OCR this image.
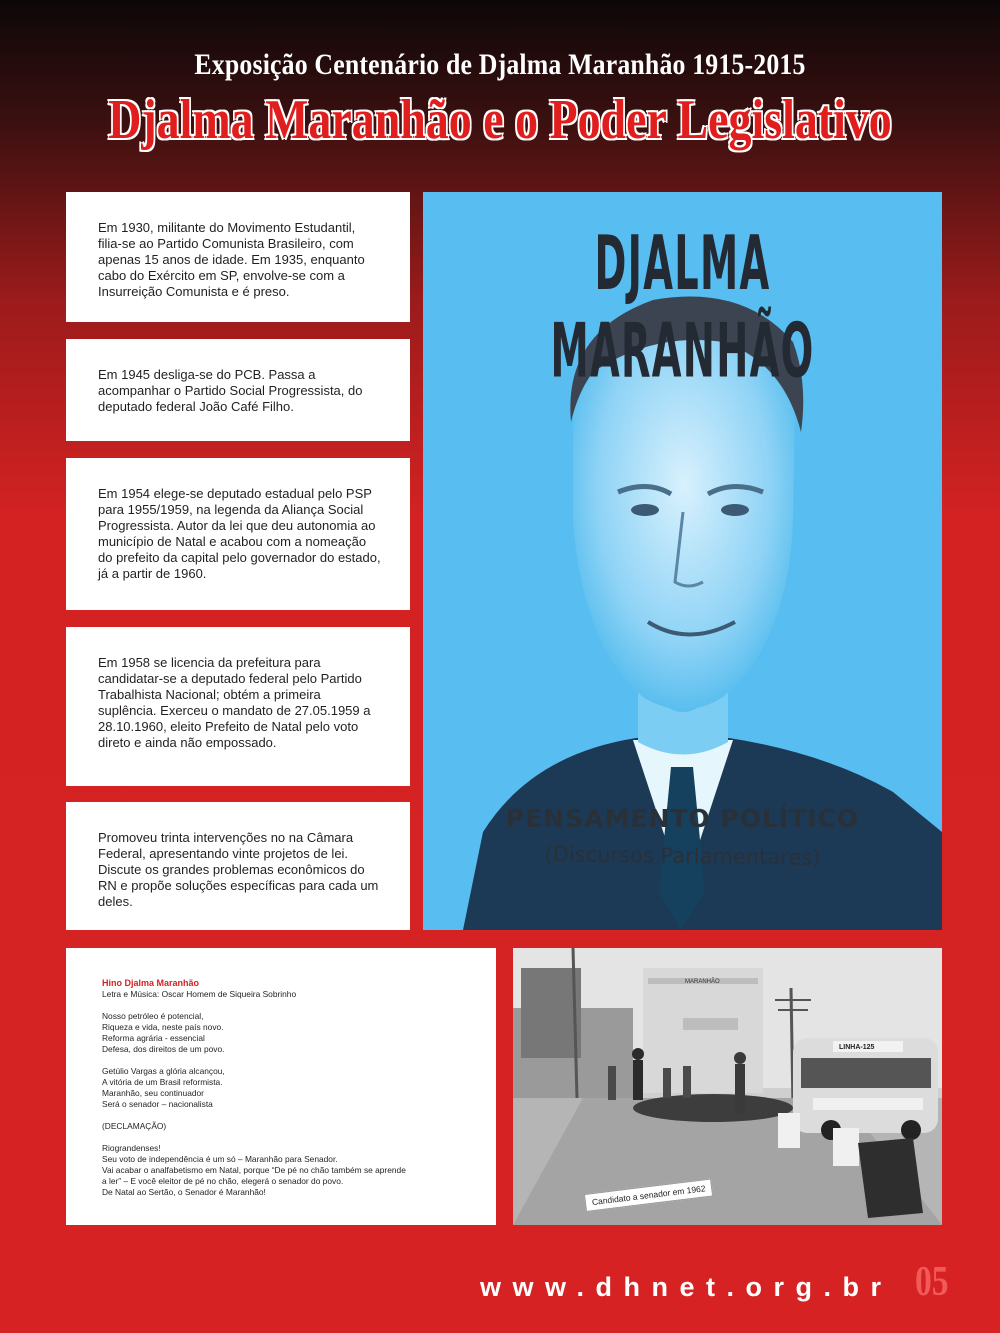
Exposição Centenário de Djalma Maranhão 1915-2015
Djalma Maranhão e o Poder Legislativo
Em 1930, militante do Movimento Estudantil, filia-se ao Partido Comunista Brasileiro, com apenas 15 anos de idade. Em 1935, enquanto cabo do Exército em SP, envolve-se com a Insurreição Comunista e é preso.
Em 1945 desliga-se do PCB. Passa a acompanhar o Partido Social Progressista, do deputado federal João Café Filho.
Em 1954 elege-se deputado estadual pelo PSP para 1955/1959, na legenda da Aliança Social Progressista. Autor da lei que deu autonomia ao município de Natal e acabou com a nomeação do prefeito da capital pelo governador do estado, já a partir de 1960.
Em 1958 se licencia da prefeitura para candidatar-se a deputado federal pelo Partido Trabalhista Nacional; obtém a primeira suplência. Exerceu o mandato de 27.05.1959 a 28.10.1960, eleito Prefeito de Natal pelo voto direto e ainda não empossado.
Promoveu trinta intervenções no na Câmara Federal, apresentando vinte projetos de lei. Discute os grandes problemas econômicos do RN e propõe soluções específicas para cada um deles.
DJALMA MARANHÃO
PENSAMENTO POLÍTICO
(Discursos Parlamentares)
Hino Djalma Maranhão
Letra e Música: Oscar Homem de Siqueira Sobrinho
Nosso petróleo é potencial,
Riqueza e vida, neste país novo.
Reforma agrária - essencial
Defesa, dos direitos de um povo.
Getúlio Vargas a glória alcançou,
A vitória de um Brasil reformista.
Maranhão, seu continuador
Será o senador – nacionalista
(DECLAMAÇÃO)
Riograndenses!
Seu voto de independência é um só – Maranhão para Senador.
Vai acabar o analfabetismo em Natal, porque “De pé no chão também se aprende
a ler” – E você eleitor de pé no chão, elegerá o senador do povo.
De Natal ao Sertão, o Senador é Maranhão!
MARANHÃO
LINHA-125
Candidato a senador em 1962
www.dhnet.org.br 05
